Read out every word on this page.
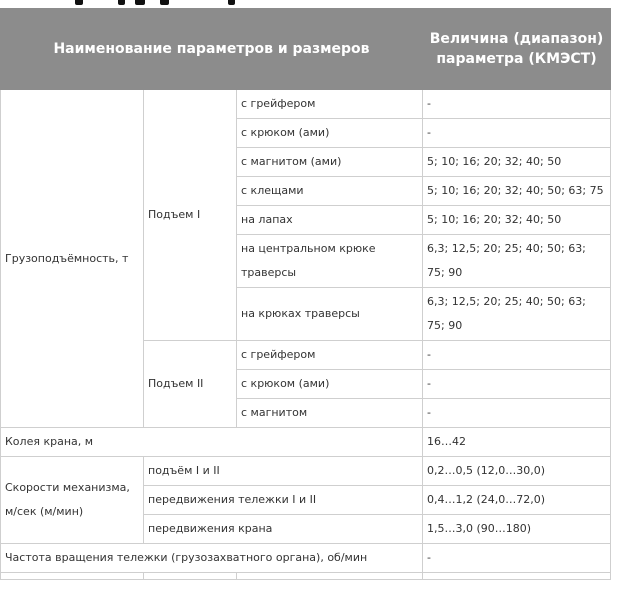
Наименование параметров и размеров			Величина (диапазон) параметра (КМЭСТ)
Грузоподъёмность, т	Подъем I	с грейфером	-
		с крюком (ами)	-
		с магнитом (ами)	5; 10; 16; 20; 32; 40; 50
		с клещами	5; 10; 16; 20; 32; 40; 50; 63; 75
		на лапах	5; 10; 16; 20; 32; 40; 50
		на центральном крюке траверсы	6,3; 12,5; 20; 25; 40; 50; 63; 75; 90
		на крюках траверсы	6,3; 12,5; 20; 25; 40; 50; 63; 75; 90
	Подъем II	с грейфером	-
		с крюком (ами)	-
		с магнитом	-
Колея крана, м			16…42
Скорости механизма, м/сек (м/мин)	подъём I и II		0,2…0,5 (12,0…30,0)
	передвижения тележки I и II		0,4…1,2 (24,0…72,0)
	передвижения крана		1,5…3,0 (90…180)
Частота вращения тележки (грузозахватного органа), об/мин			-
